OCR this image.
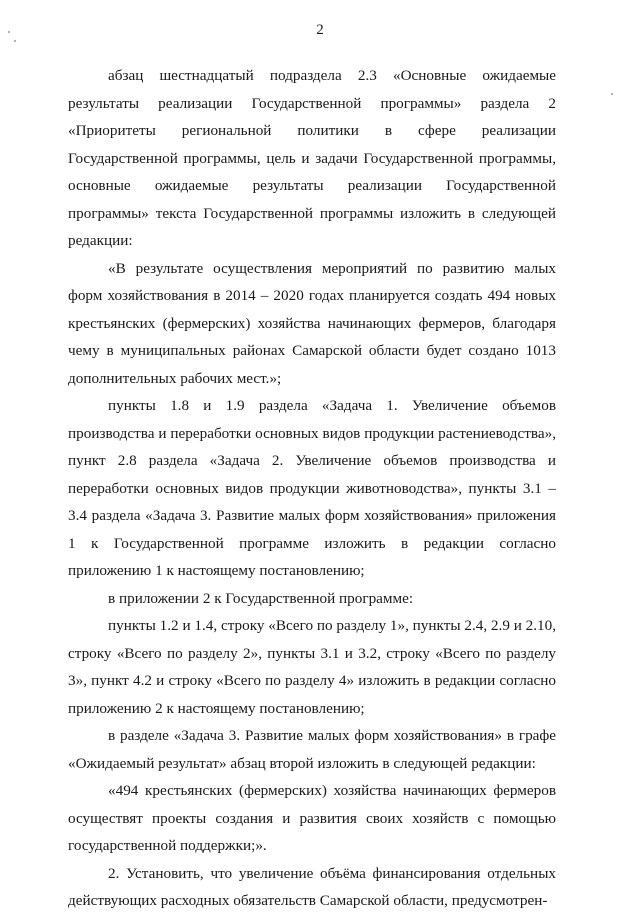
2

абзац шестнадцатый подраздела 2.3 «Основные ожидаемые результаты реализации Государственной программы» раздела 2 «Приоритеты региональной политики в сфере реализации Государственной программы, цель и задачи Государственной программы, основные ожидаемые результаты реализации Государственной программы» текста Государственной программы изложить в следующей редакции:

«В результате осуществления мероприятий по развитию малых форм хозяйствования в 2014 – 2020 годах планируется создать 494 новых крестьянских (фермерских) хозяйства начинающих фермеров, благодаря чему в муниципальных районах Самарской области будет создано 1013 дополнительных рабочих мест.»;

пункты 1.8 и 1.9 раздела «Задача 1. Увеличение объемов производства и переработки основных видов продукции растениеводства», пункт 2.8 раздела «Задача 2. Увеличение объемов производства и переработки основных видов продукции животноводства», пункты 3.1 – 3.4 раздела «Задача 3. Развитие малых форм хозяйствования» приложения 1 к Государственной программе изложить в редакции согласно приложению 1 к настоящему постановлению;

в приложении 2 к Государственной программе:

пункты 1.2 и 1.4, строку «Всего по разделу 1», пункты 2.4, 2.9 и 2.10, строку «Всего по разделу 2», пункты 3.1 и 3.2, строку «Всего по разделу 3», пункт 4.2 и строку «Всего по разделу 4» изложить в редакции согласно приложению 2 к настоящему постановлению;

в разделе «Задача 3. Развитие малых форм хозяйствования» в графе «Ожидаемый результат» абзац второй изложить в следующей редакции:

«494 крестьянских (фермерских) хозяйства начинающих фермеров осуществят проекты создания и развития своих хозяйств с помощью государственной поддержки;».

2. Установить, что увеличение объёма финансирования отдельных действующих расходных обязательств Самарской области, предусмотрен-
